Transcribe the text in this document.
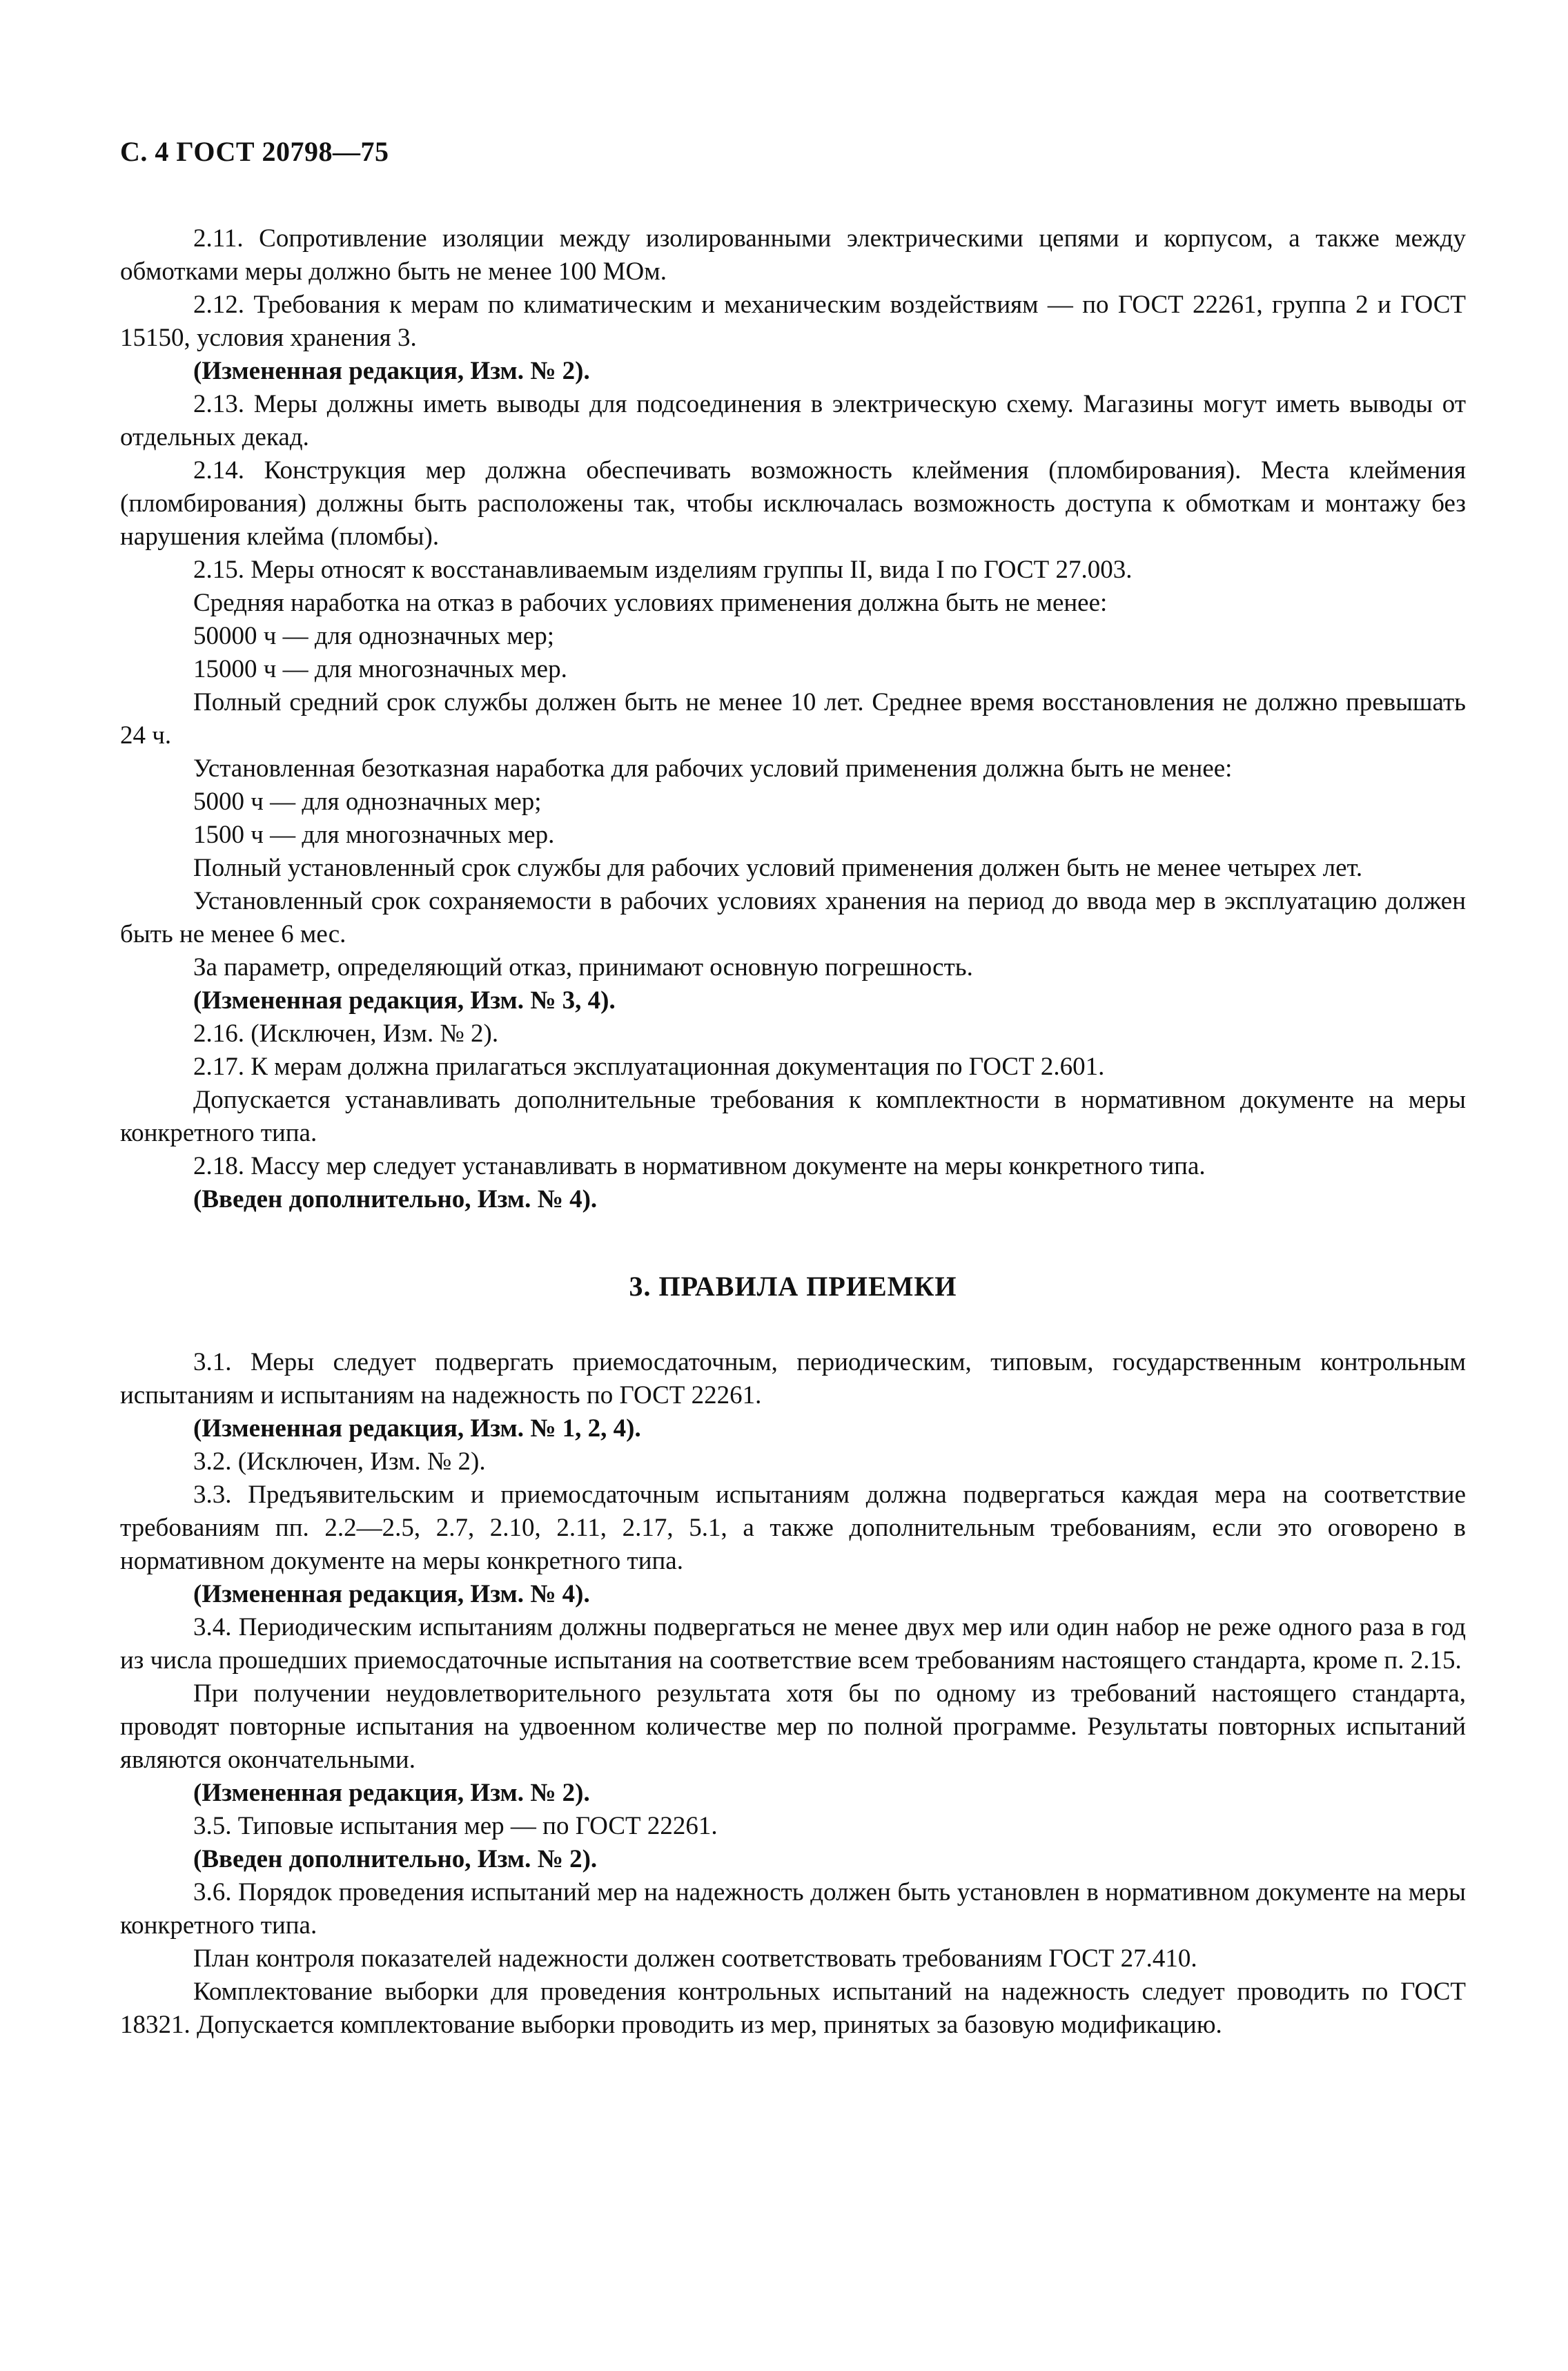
С. 4 ГОСТ 20798—75

2.11. Сопротивление изоляции между изолированными электрическими цепями и корпусом, а также между обмотками меры должно быть не менее 100 МОм.

2.12. Требования к мерам по климатическим и механическим воздействиям — по ГОСТ 22261, группа 2 и ГОСТ 15150, условия хранения 3.

(Измененная редакция, Изм. № 2).

2.13. Меры должны иметь выводы для подсоединения в электрическую схему. Магазины могут иметь выводы от отдельных декад.

2.14. Конструкция мер должна обеспечивать возможность клеймения (пломбирования). Места клеймения (пломбирования) должны быть расположены так, чтобы исключалась возможность доступа к обмоткам и монтажу без нарушения клейма (пломбы).

2.15. Меры относят к восстанавливаемым изделиям группы II, вида I по ГОСТ 27.003.

Средняя наработка на отказ в рабочих условиях применения должна быть не менее:

50000 ч — для однозначных мер;

15000 ч — для многозначных мер.

Полный средний срок службы должен быть не менее 10 лет. Среднее время восстановления не должно превышать 24 ч.

Установленная безотказная наработка для рабочих условий применения должна быть не менее:

5000 ч — для однозначных мер;

1500 ч — для многозначных мер.

Полный установленный срок службы для рабочих условий применения должен быть не менее четырех лет.

Установленный срок сохраняемости в рабочих условиях хранения на период до ввода мер в эксплуатацию должен быть не менее 6 мес.

За параметр, определяющий отказ, принимают основную погрешность.

(Измененная редакция, Изм. № 3, 4).

2.16. (Исключен, Изм. № 2).

2.17. К мерам должна прилагаться эксплуатационная документация по ГОСТ 2.601.

Допускается устанавливать дополнительные требования к комплектности в нормативном документе на меры конкретного типа.

2.18. Массу мер следует устанавливать в нормативном документе на меры конкретного типа.

(Введен дополнительно, Изм. № 4).

3. ПРАВИЛА ПРИЕМКИ

3.1. Меры следует подвергать приемосдаточным, периодическим, типовым, государственным контрольным испытаниям и испытаниям на надежность по ГОСТ 22261.

(Измененная редакция, Изм. № 1, 2, 4).

3.2. (Исключен, Изм. № 2).

3.3. Предъявительским и приемосдаточным испытаниям должна подвергаться каждая мера на соответствие требованиям пп. 2.2—2.5, 2.7, 2.10, 2.11, 2.17, 5.1, а также дополнительным требованиям, если это оговорено в нормативном документе на меры конкретного типа.

(Измененная редакция, Изм. № 4).

3.4. Периодическим испытаниям должны подвергаться не менее двух мер или один набор не реже одного раза в год из числа прошедших приемосдаточные испытания на соответствие всем требованиям настоящего стандарта, кроме п. 2.15.

При получении неудовлетворительного результата хотя бы по одному из требований настоящего стандарта, проводят повторные испытания на удвоенном количестве мер по полной программе. Результаты повторных испытаний являются окончательными.

(Измененная редакция, Изм. № 2).

3.5. Типовые испытания мер — по ГОСТ 22261.

(Введен дополнительно, Изм. № 2).

3.6. Порядок проведения испытаний мер на надежность должен быть установлен в нормативном документе на меры конкретного типа.

План контроля показателей надежности должен соответствовать требованиям ГОСТ 27.410.

Комплектование выборки для проведения контрольных испытаний на надежность следует проводить по ГОСТ 18321. Допускается комплектование выборки проводить из мер, принятых за базовую модификацию.
